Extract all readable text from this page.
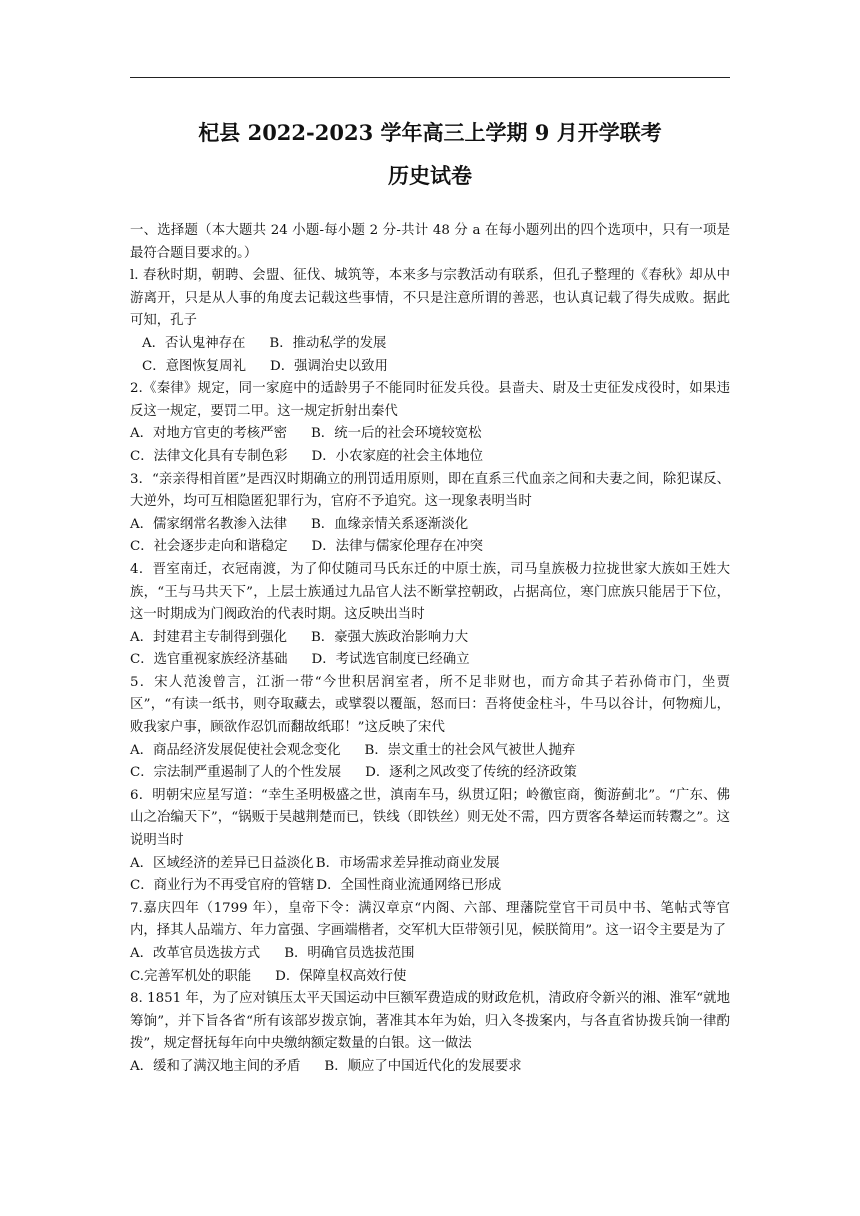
杞县 2022-2023 学年高三上学期 9 月开学联考
历史试卷

一、选择题（本大题共 24 小题-每小题 2 分-共计 48 分 a 在每小题列出的四个选项中，只有一项是最符合题目要求的。）

l. 春秋时期，朝聘、会盟、征伐、城筑等，本来多与宗教活动有联系，但孔子整理的《春秋》却从中游离开，只是从人事的角度去记载这些事情，不只是注意所谓的善恶，也认真记载了得失成败。据此可知，孔子

A．否认鬼神存在 B．推动私学的发展

C．意图恢复周礼 D．强调治史以致用

2.《秦律》规定，同一家庭中的适龄男子不能同时征发兵役。县啬夫、尉及士吏征发戍役时，如果违反这一规定，要罚二甲。这一规定折射出秦代

A．对地方官吏的考核严密 B．统一后的社会环境较宽松

C．法律文化具有专制色彩 D．小农家庭的社会主体地位

3．“亲亲得相首匿”是西汉时期确立的刑罚适用原则，即在直系三代血亲之间和夫妻之间，除犯谋反、大逆外，均可互相隐匿犯罪行为，官府不予追究。这一现象表明当时

A．儒家纲常名教渗入法律 B．血缘亲情关系逐渐淡化

C．社会逐步走向和谐稳定 D．法律与儒家伦理存在冲突

4．晋室南迁，衣冠南渡，为了仰仗随司马氏东迁的中原士族，司马皇族极力拉拢世家大族如王姓大族，“王与马共天下”，上层士族通过九品官人法不断掌控朝政，占据高位，寒门庶族只能居于下位，这一时期成为门阀政治的代表时期。这反映出当时

A．封建君主专制得到强化 B．豪强大族政治影响力大

C．选官重视家族经济基础 D．考试选官制度已经确立

5．宋人范浚曾言，江浙一带“今世积居润室者，所不足非财也，而方命其子若孙倚市门，坐贾区”，“有读一纸书，则夺取藏去，或擘裂以覆瓿，怒而曰：吾将使金柱斗，牛马以谷计，何物痴儿，败我家户事，顾欲作忍饥而翻故纸耶！”这反映了宋代

A．商品经济发展促使社会观念变化 B．崇文重士的社会风气被世人抛弃

C．宗法制严重遏制了人的个性发展 D．逐利之风改变了传统的经济政策

6．明朝宋应星写道：“幸生圣明极盛之世，滇南车马，纵贯辽阳；岭徼宦商，衡游蓟北”。“广东、佛山之冶编天下”，“锅贩于吴越荆楚而已，铁线（即铁丝）则无处不需，四方贾客各辇运而转鬻之”。这说明当时

A．区域经济的差异已日益淡化 B．市场需求差异推动商业发展

C．商业行为不再受官府的管辖 D．全国性商业流通网络已形成

7.嘉庆四年（1799 年），皇帝下令：满汉章京“内阁、六部、理藩院堂官干司员中书、笔帖式等官内，择其人品端方、年力富强、字画端楷者，交军机大臣带领引见，候朕简用”。这一诏令主要是为了

A．改革官员选拔方式 B．明确官员选拔范围

C.完善军机处的职能 D．保障皇权高效行使

8. 1851 年，为了应对镇压太平天国运动中巨额军费造成的财政危机，清政府令新兴的湘、淮军“就地筹饷”，并下旨各省“所有该部岁拨京饷，著准其本年为始，归入冬拨案内，与各直省协拨兵饷一律酌拨”，规定督抚每年向中央缴纳额定数量的白银。这一做法

A．缓和了满汉地主间的矛盾 B．顺应了中国近代化的发展要求
